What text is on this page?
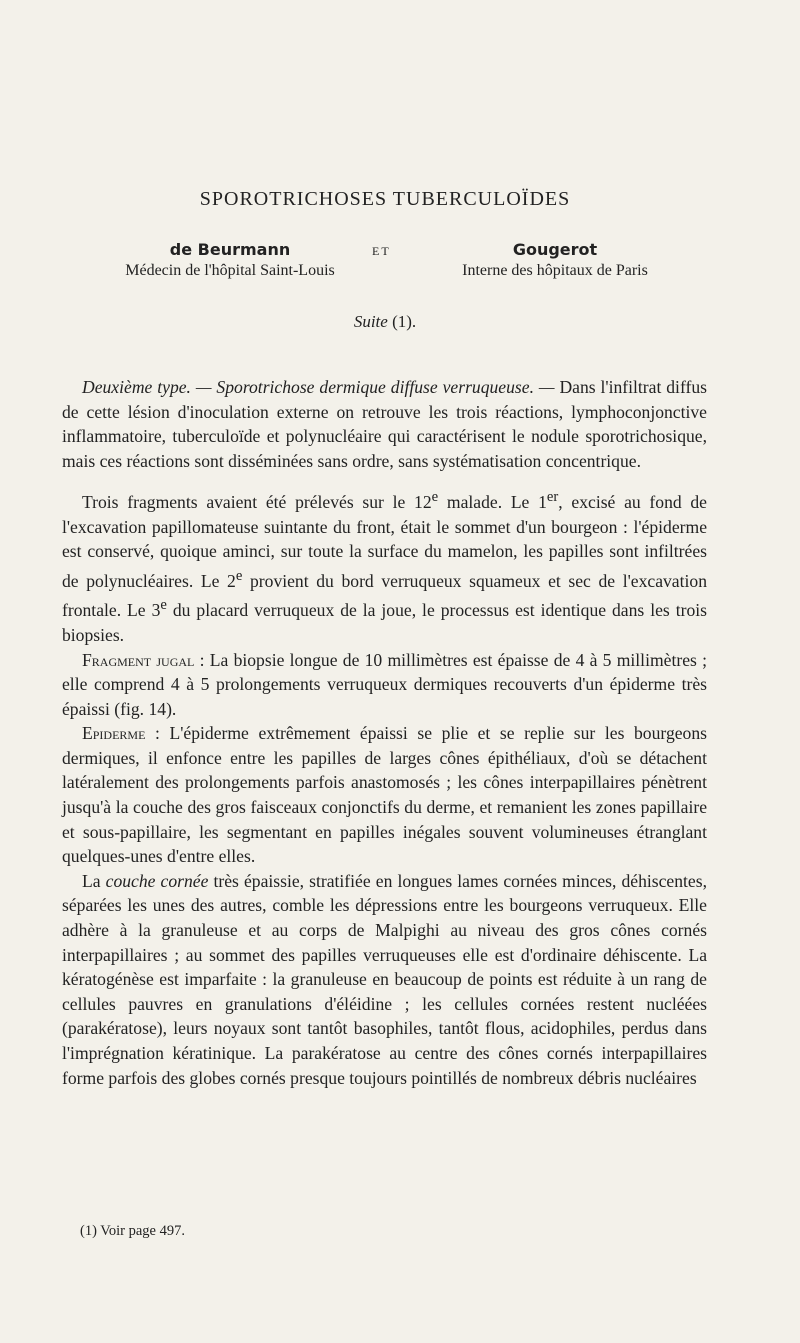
SPOROTRICHOSES TUBERCULOÏDES
de Beurmann
Médecin de l'hôpital Saint-Louis
ET	Gougerot
Interne des hôpitaux de Paris
Suite (1).

Deuxième type. — Sporotrichose dermique diffuse verruqueuse. — Dans l'infiltrat diffus de cette lésion d'inoculation externe on retrouve les trois réactions, lymphoconjonctive inflammatoire, tuberculoïde et polynucléaire qui caractérisent le nodule sporotrichosique, mais ces réactions sont disséminées sans ordre, sans systématisation concentrique.

Trois fragments avaient été prélevés sur le 12e malade. Le 1er, excisé au fond de l'excavation papillomateuse suintante du front, était le sommet d'un bourgeon : l'épiderme est conservé, quoique aminci, sur toute la surface du mamelon, les papilles sont infiltrées de polynucléaires. Le 2e provient du bord verruqueux squameux et sec de l'excavation frontale. Le 3e du placard verruqueux de la joue, le processus est identique dans les trois biopsies.

Fragment jugal : La biopsie longue de 10 millimètres est épaisse de 4 à 5 millimètres ; elle comprend 4 à 5 prolongements verruqueux dermiques recouverts d'un épiderme très épaissi (fig. 14).

Epiderme : L'épiderme extrêmement épaissi se plie et se replie sur les bourgeons dermiques, il enfonce entre les papilles de larges cônes épithéliaux, d'où se détachent latéralement des prolongements parfois anastomosés ; les cônes interpapillaires pénètrent jusqu'à la couche des gros faisceaux conjonctifs du derme, et remanient les zones papillaire et sous-papillaire, les segmentant en papilles inégales souvent volumineuses étranglant quelques-unes d'entre elles.

La couche cornée très épaissie, stratifiée en longues lames cornées minces, déhiscentes, séparées les unes des autres, comble les dépressions entre les bourgeons verruqueux. Elle adhère à la granuleuse et au corps de Malpighi au niveau des gros cônes cornés interpapillaires ; au sommet des papilles verruqueuses elle est d'ordinaire déhiscente. La kératogénèse est imparfaite : la granuleuse en beaucoup de points est réduite à un rang de cellules pauvres en granulations d'éléidine ; les cellules cornées restent nucléées (parakératose), leurs noyaux sont tantôt basophiles, tantôt flous, acidophiles, perdus dans l'imprégnation kératinique. La parakératose au centre des cônes cornés interpapillaires forme parfois des globes cornés presque toujours pointillés de nombreux débris nucléaires

(1) Voir page 497.
